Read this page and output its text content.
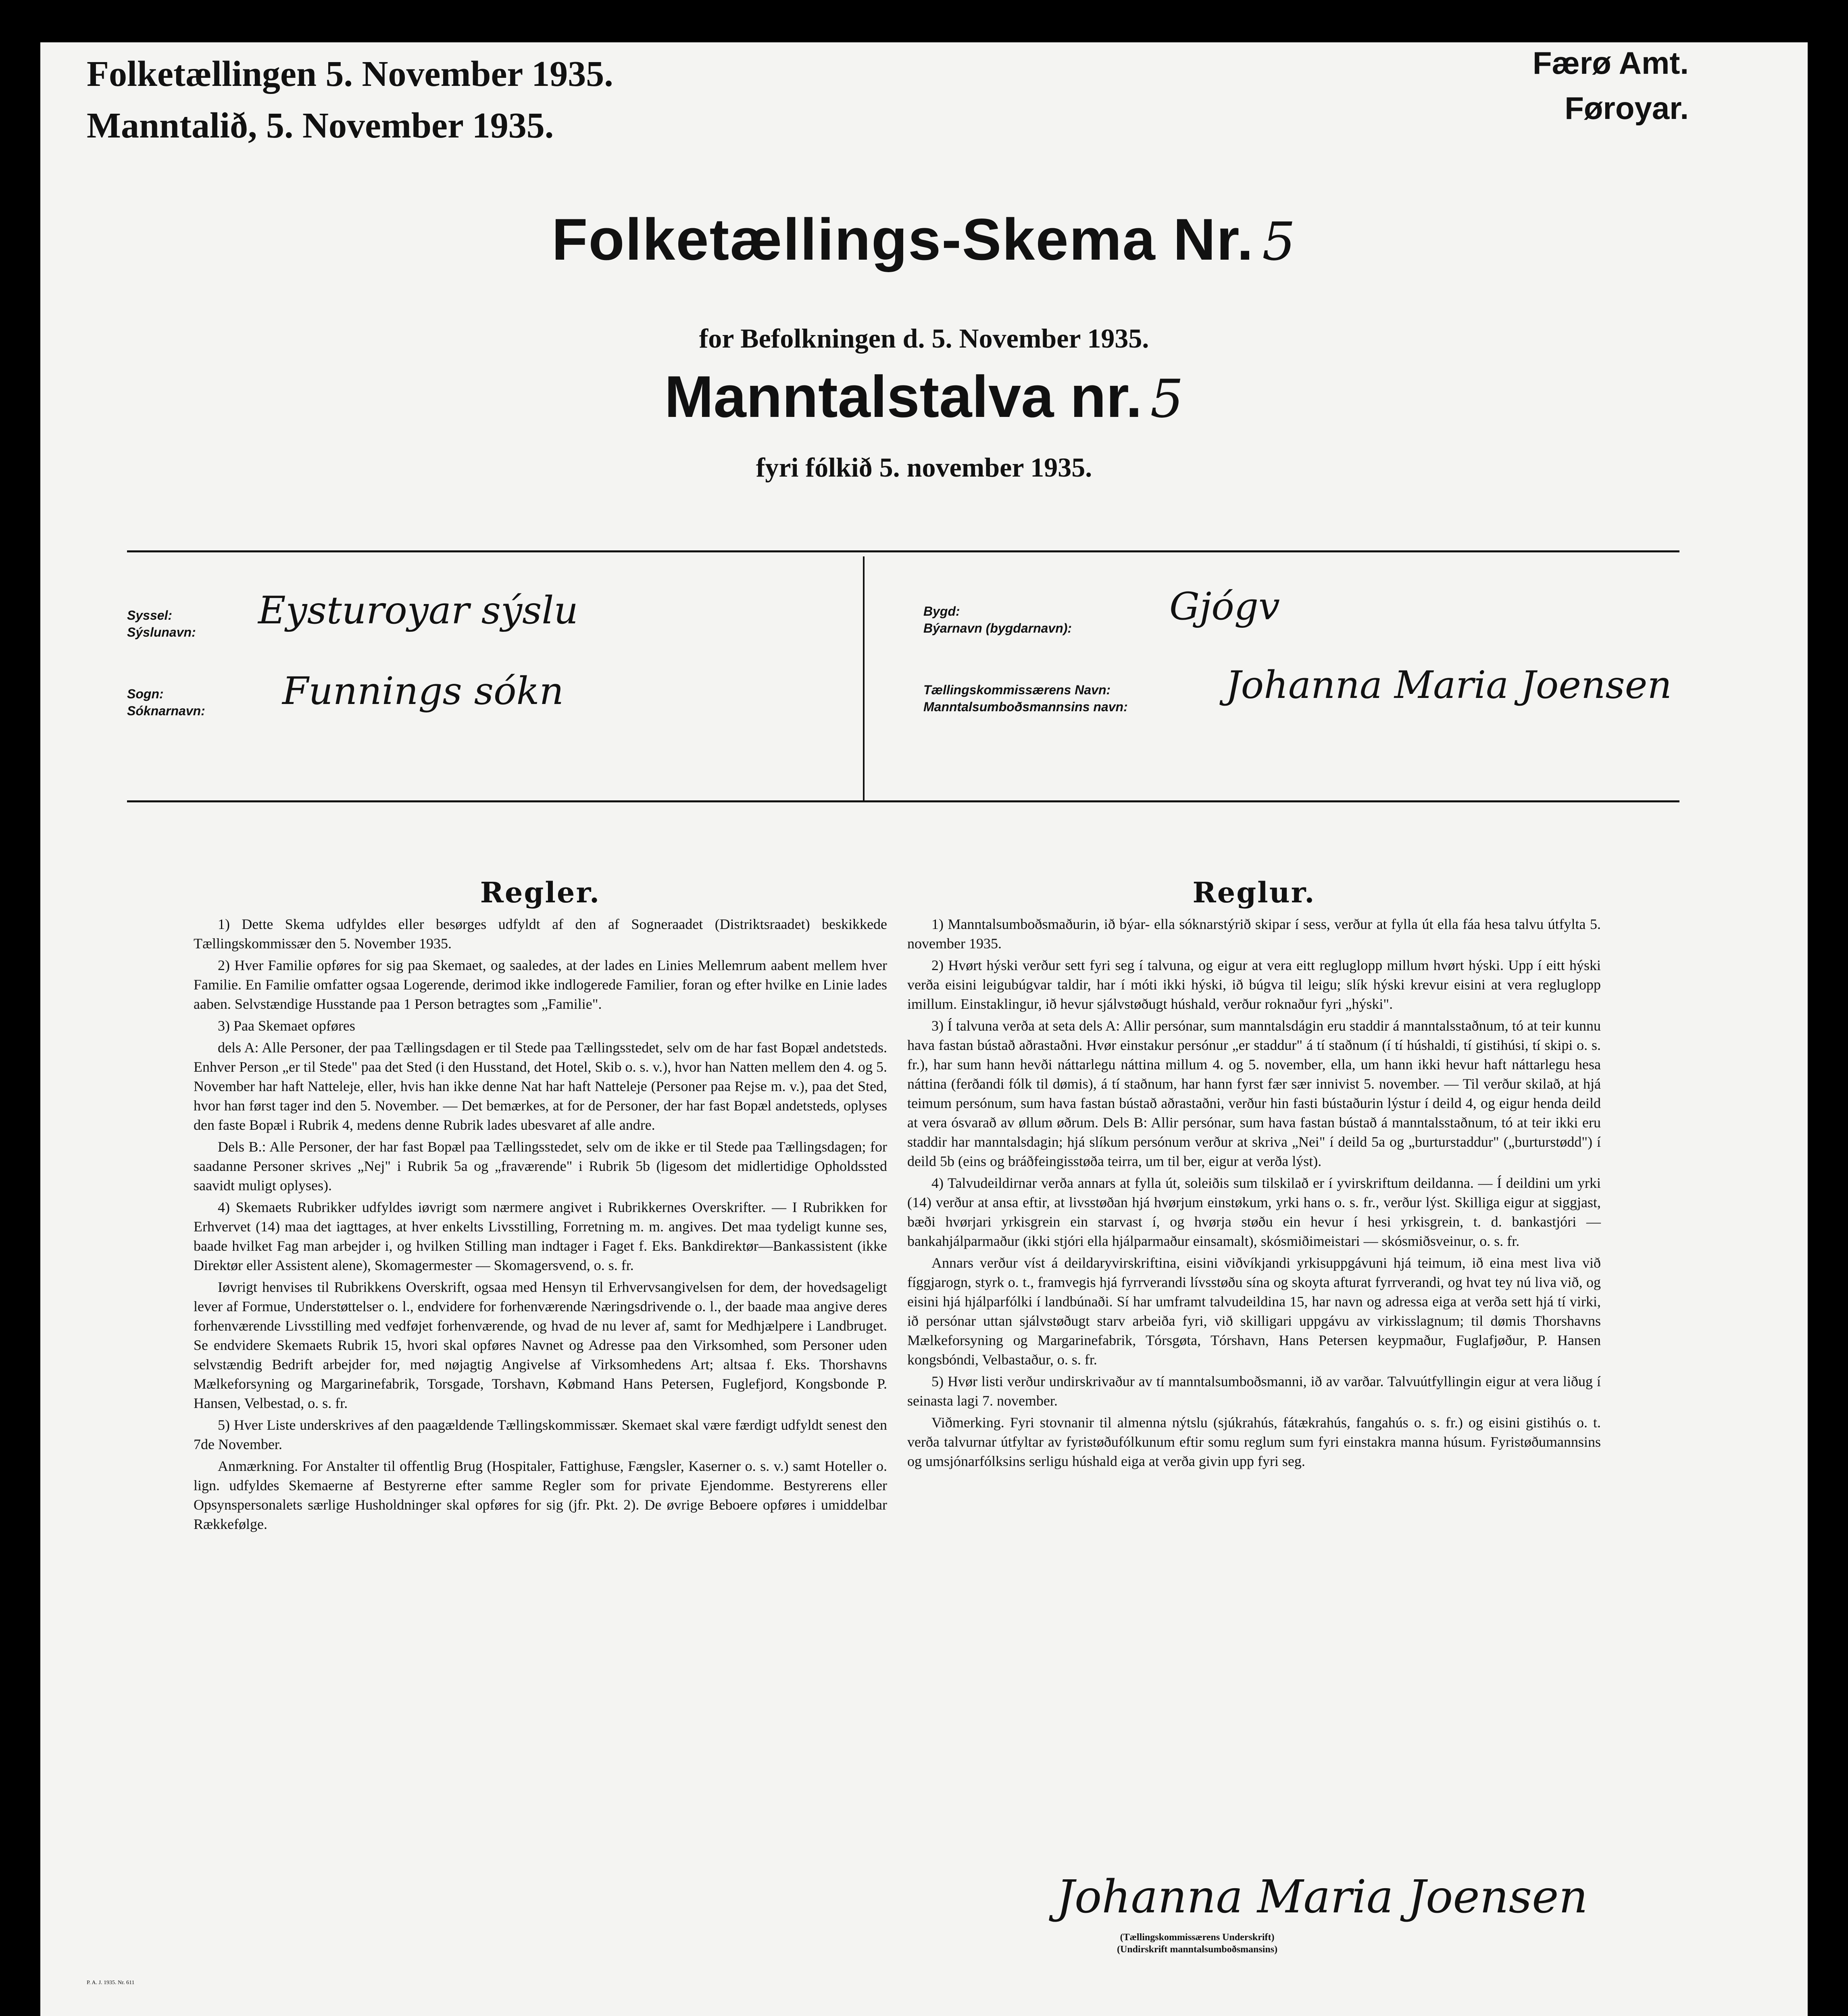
Folketællingen 5. November 1935.
Manntalið, 5. November 1935.
Færø Amt.
Føroyar.
Folketællings-Skema Nr. 5
for Befolkningen d. 5. November 1935.
Manntalstalva nr. 5
fyri fólkið 5. november 1935.
Syssel:
Sýslunavn: Eysturoyar sýslu
Sogn:
Sóknarnavn: Funnings sókn
Bygd:
Býarnavn (bygdarnavn):	Gjógv
Tællingskommissærens Navn:
Manntalsumboðsmannsins navn:	Johanna Maria Joensen
Regler.

1) Dette Skema udfyldes eller besørges udfyldt af den af Sogneraadet (Distriktsraadet) beskikkede Tællingskommissær den 5. November 1935.

2) Hver Familie opføres for sig paa Skemaet, og saaledes, at der lades en Linies Mellemrum aabent mellem hver Familie. En Familie omfatter ogsaa Logerende, derimod ikke indlogerede Familier, foran og efter hvilke en Linie lades aaben. Selvstændige Husstande paa 1 Person betragtes som „Familie".

3) Paa Skemaet opføres

dels A: Alle Personer, der paa Tællingsdagen er til Stede paa Tællingsstedet, selv om de har fast Bopæl andetsteds. Enhver Person „er til Stede" paa det Sted (i den Husstand, det Hotel, Skib o. s. v.), hvor han Natten mellem den 4. og 5. November har haft Natteleje, eller, hvis han ikke denne Nat har haft Natteleje (Personer paa Rejse m. v.), paa det Sted, hvor han først tager ind den 5. November. — Det bemærkes, at for de Personer, der har fast Bopæl andetsteds, oplyses den faste Bopæl i Rubrik 4, medens denne Rubrik lades ubesvaret af alle andre.

Dels B.: Alle Personer, der har fast Bopæl paa Tællingsstedet, selv om de ikke er til Stede paa Tællingsdagen; for saadanne Personer skrives „Nej" i Rubrik 5a og „fraværende" i Rubrik 5b (ligesom det midlertidige Opholdssted saavidt muligt oplyses).

4) Skemaets Rubrikker udfyldes iøvrigt som nærmere angivet i Rubrikkernes Overskrifter. — I Rubrikken for Erhvervet (14) maa det iagttages, at hver enkelts Livsstilling, Forretning m. m. angives. Det maa tydeligt kunne ses, baade hvilket Fag man arbejder i, og hvilken Stilling man indtager i Faget f. Eks. Bankdirektør—Bankassistent (ikke Direktør eller Assistent alene), Skomagermester — Skomagersvend, o. s. fr.

Iøvrigt henvises til Rubrikkens Overskrift, ogsaa med Hensyn til Erhvervsangivelsen for dem, der hovedsageligt lever af Formue, Understøttelser o. l., endvidere for forhenværende Næringsdrivende o. l., der baade maa angive deres forhenværende Livsstilling med vedføjet forhenværende, og hvad de nu lever af, samt for Medhjælpere i Landbruget. Se endvidere Skemaets Rubrik 15, hvori skal opføres Navnet og Adresse paa den Virksomhed, som Personer uden selvstændig Bedrift arbejder for, med nøjagtig Angivelse af Virksomhedens Art; altsaa f. Eks. Thorshavns Mælkeforsyning og Margarinefabrik, Torsgade, Torshavn, Købmand Hans Petersen, Fuglefjord, Kongsbonde P. Hansen, Velbestad, o. s. fr.

5) Hver Liste underskrives af den paagældende Tællingskommissær. Skemaet skal være færdigt udfyldt senest den 7de November.

Anmærkning. For Anstalter til offentlig Brug (Hospitaler, Fattighuse, Fængsler, Kaserner o. s. v.) samt Hoteller o. lign. udfyldes Skemaerne af Bestyrerne efter samme Regler som for private Ejendomme. Bestyrerens eller Opsynspersonalets særlige Husholdninger skal opføres for sig (jfr. Pkt. 2). De øvrige Beboere opføres i umiddelbar Rækkefølge.

Reglur.

1) Manntalsumboðsmaðurin, ið býar- ella sóknarstýrið skipar í sess, verður at fylla út ella fáa hesa talvu útfylta 5. november 1935.

2) Hvørt hýski verður sett fyri seg í talvuna, og eigur at vera eitt regluglopp millum hvørt hýski. Upp í eitt hýski verða eisini leigubúgvar taldir, har í móti ikki hýski, ið búgva til leigu; slík hýski krevur eisini at vera regluglopp imillum. Einstaklingur, ið hevur sjálvstøðugt húshald, verður roknaður fyri „hýski".

3) Í talvuna verða at seta dels A: Allir persónar, sum manntalsdágin eru staddir á manntalsstaðnum, tó at teir kunnu hava fastan bústað aðrastaðni. Hvør einstakur persónur „er staddur" á tí staðnum (í tí húshaldi, tí gistihúsi, tí skipi o. s. fr.), har sum hann hevði náttarlegu náttina millum 4. og 5. november, ella, um hann ikki hevur haft náttarlegu hesa náttina (ferðandi fólk til dømis), á tí staðnum, har hann fyrst fær sær innivist 5. november. — Til verður skilað, at hjá teimum persónum, sum hava fastan bústað aðrastaðni, verður hin fasti bústaðurin lýstur í deild 4, og eigur henda deild at vera ósvarað av øllum øðrum. Dels B: Allir persónar, sum hava fastan bústað á manntalsstaðnum, tó at teir ikki eru staddir har manntalsdagin; hjá slíkum persónum verður at skriva „Nei" í deild 5a og „burturstaddur" („burturstødd") í deild 5b (eins og bráðfeingisstøða teirra, um til ber, eigur at verða lýst).

4) Talvudeildirnar verða annars at fylla út, soleiðis sum tilskilað er í yvirskriftum deildanna. — Í deildini um yrki (14) verður at ansa eftir, at livsstøðan hjá hvørjum einstøkum, yrki hans o. s. fr., verður lýst. Skilliga eigur at siggjast, bæði hvørjari yrkisgrein ein starvast í, og hvørja støðu ein hevur í hesi yrkisgrein, t. d. bankastjóri — bankahjálparmaður (ikki stjóri ella hjálparmaður einsamalt), skósmiðimeistari — skósmiðsveinur, o. s. fr.

Annars verður víst á deildaryvirskriftina, eisini viðvíkjandi yrkisuppgávuni hjá teimum, ið eina mest liva við fíggjarogn, styrk o. t., framvegis hjá fyrrverandi lívsstøðu sína og skoyta afturat fyrrverandi, og hvat tey nú liva við, og eisini hjá hjálparfólki í landbúnaði. Sí har umframt talvudeildina 15, har navn og adressa eiga at verða sett hjá tí virki, ið persónar uttan sjálvstøðugt starv arbeiða fyri, við skilligari uppgávu av virkisslagnum; til dømis Thorshavns Mælkeforsyning og Margarinefabrik, Tórsgøta, Tórshavn, Hans Petersen keypmaður, Fuglafjøður, P. Hansen kongsbóndi, Velbastaður, o. s. fr.

5) Hvør listi verður undirskrivaður av tí manntalsumboðsmanni, ið av varðar. Talvuútfyllingin eigur at vera liðug í seinasta lagi 7. november.

Viðmerking. Fyri stovnanir til almenna nýtslu (sjúkrahús, fátækrahús, fangahús o. s. fr.) og eisini gistihús o. t. verða talvurnar útfyltar av fyristøðufólkunum eftir somu reglum sum fyri einstakra manna húsum. Fyristøðumannsins og umsjónarfólksins serligu húshald eiga at verða givin upp fyri seg.

Johanna Maria Joensen
(Tællingskommissærens Underskrift)
(Undirskrift manntalsumboðsmansins)
P. A. J. 1935. Nr. 611
